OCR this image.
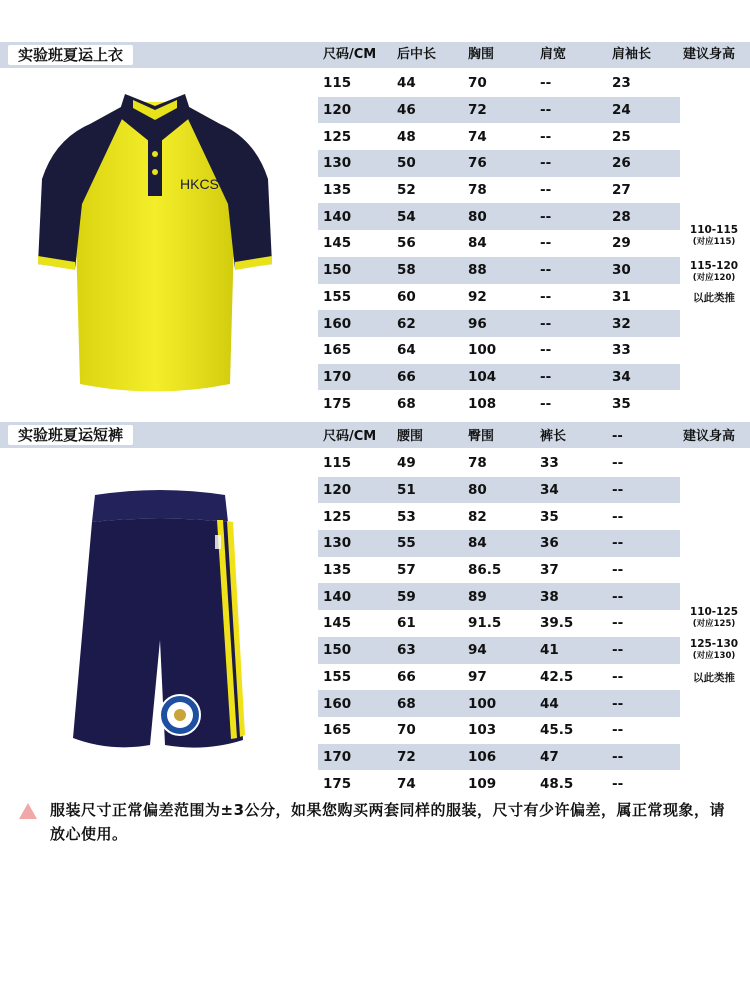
实验班夏运上衣	尺码/CM 后中长 胸围	肩宽	肩袖长 建议身高
115	44	70	--	23
120	46	72	--	24
125	48	74	--	25
130	50	76	--	26
135	52	78	--	27
140	54	80	--	28
145	56	84	--	29
150	58	88	--	30
155	60	92	--	31
160	62	96	--	32
165	64	100	--	33
170	66	104	--	34
175	68	108	--	35
110-115
(对应115)
115-120
(对应120)
以此类推
HKCS
实验班夏运短裤	尺码/CM 腰围	臀围	裤长	--	建议身高
115	49	78	33	--
120	51	80	34	--
125	53	82	35	--
130	55	84	36	--
135	57	86.5	37	--
140	59	89	38	--
145	61	91.5	39.5	--
150	63	94	41	--
155	66	97	42.5	--
160	68	100	44	--
165	70	103	45.5	--
170	72	106	47	--
175	74	109	48.5	--
110-125
(对应125)
125-130
(对应130)
以此类推
服装尺寸正常偏差范围为±3公分，如果您购买两套同样的服装，尺寸有少许偏差，属正常现象，请放心使用。
